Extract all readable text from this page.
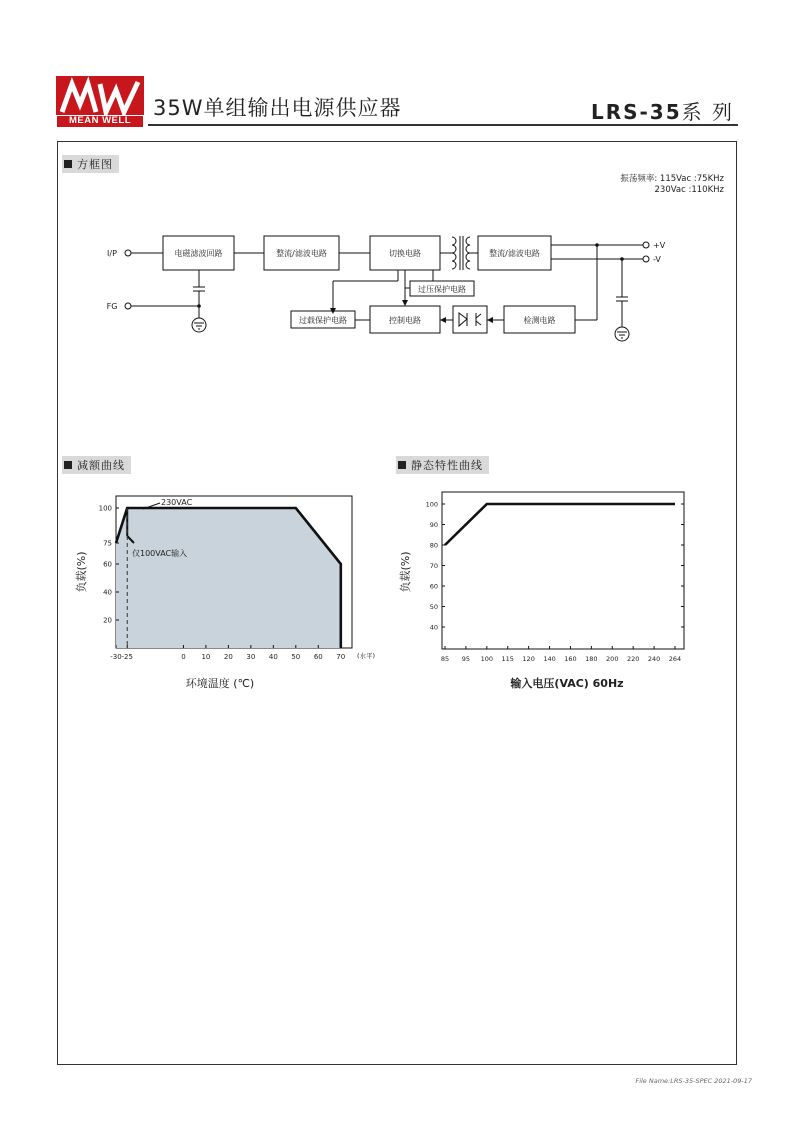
MEAN WELL
35W单组输出电源供应器	LRS-35系 列
方框图
减额曲线	静态特性曲线
振荡频率: 115Vac :75KHz
230Vac :110KHz
I/P
FG
电磁滤波回路	整流/滤波电路	切换电路	整流/滤波电路
过压保护电路
过载保护电路	控制电路	检测电路
+V
-V
230VAC
仅100VAC输入
-30 -25	0 10 20 30 40 50 60 70
100
75
60
40
20
(水平)
负载(%)
环境温度 (℃)
85 95 100 115 120 140 160 180 200 220 240 264
100
90
80
70
60
50
40
负载(%)
输入电压(VAC) 60Hz
File Name:LRS-35-SPEC 2021-09-17
